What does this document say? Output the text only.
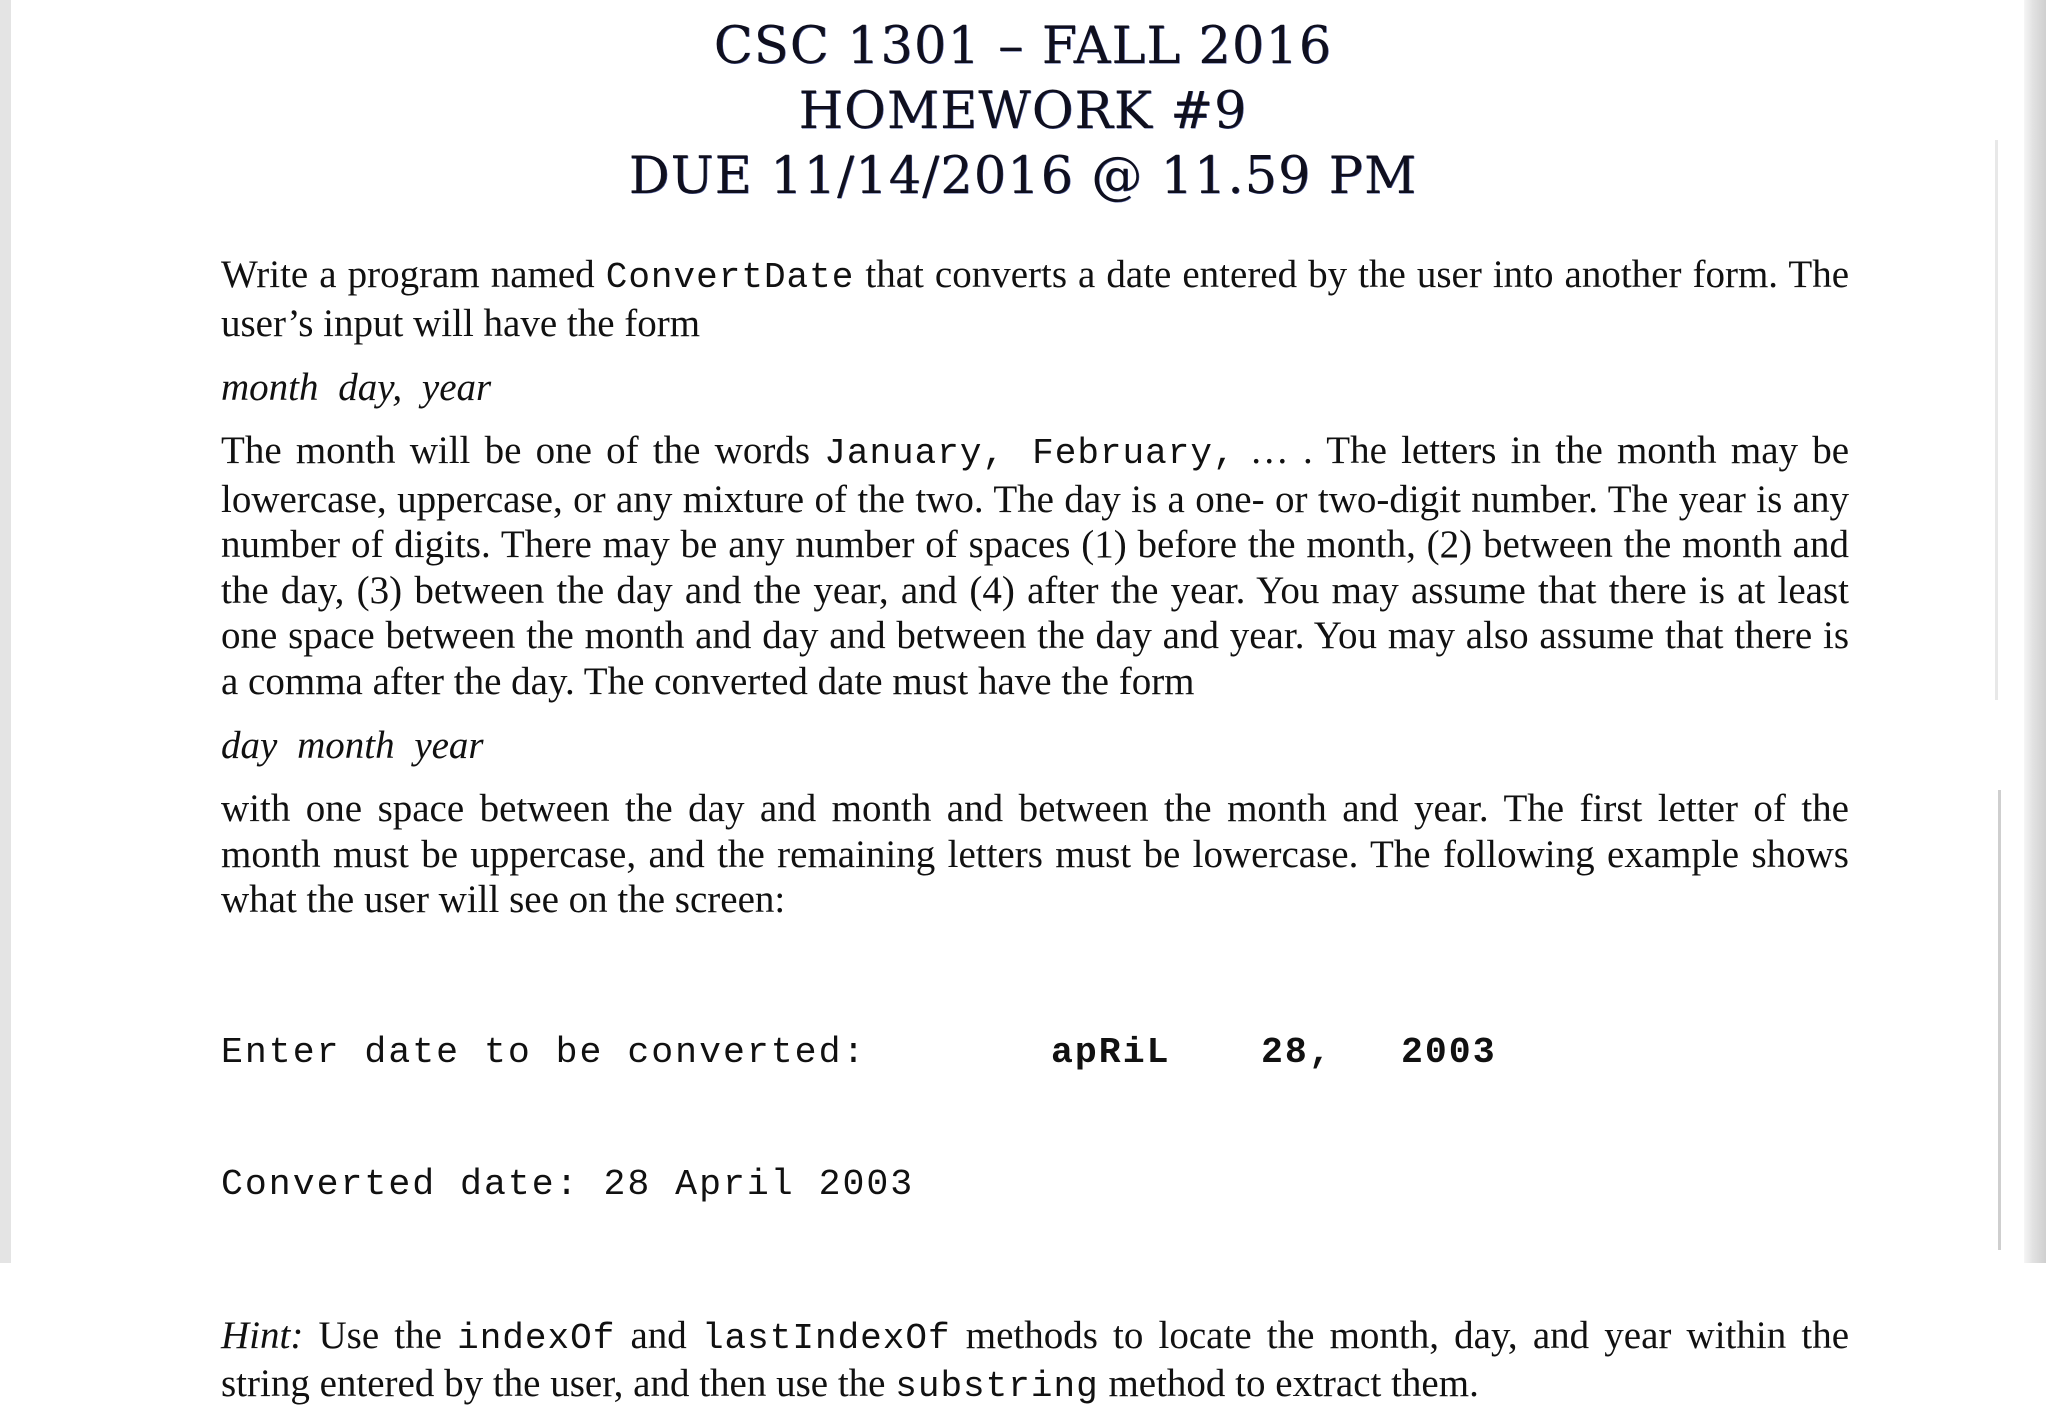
CSC 1301 – FALL 2016
HOMEWORK #9
DUE 11/14/2016 @ 11.59 PM

Write a program named ConvertDate that converts a date entered by the user into another form. The user’s input will have the form

month day, year

The month will be one of the words January, February, … . The letters in the month may be lowercase, uppercase, or any mixture of the two. The day is a one- or two-digit number. The year is any number of digits. There may be any number of spaces (1) before the month, (2) between the month and the day, (3) between the day and the year, and (4) after the year. You may assume that there is at least one space between the month and day and between the day and year. You may also assume that there is a comma after the day. The converted date must have the form

day month year

with one space between the day and month and between the month and year. The first letter of the month must be uppercase, and the remaining letters must be lowercase. The following example shows what the user will see on the screen:

Enter date to be converted:	apRiL	28,	2003

Converted date:
28 April 2003

Hint: Use the indexOf and lastIndexOf methods to locate the month, day, and year within the string entered by the user, and then use the substring method to extract them.
